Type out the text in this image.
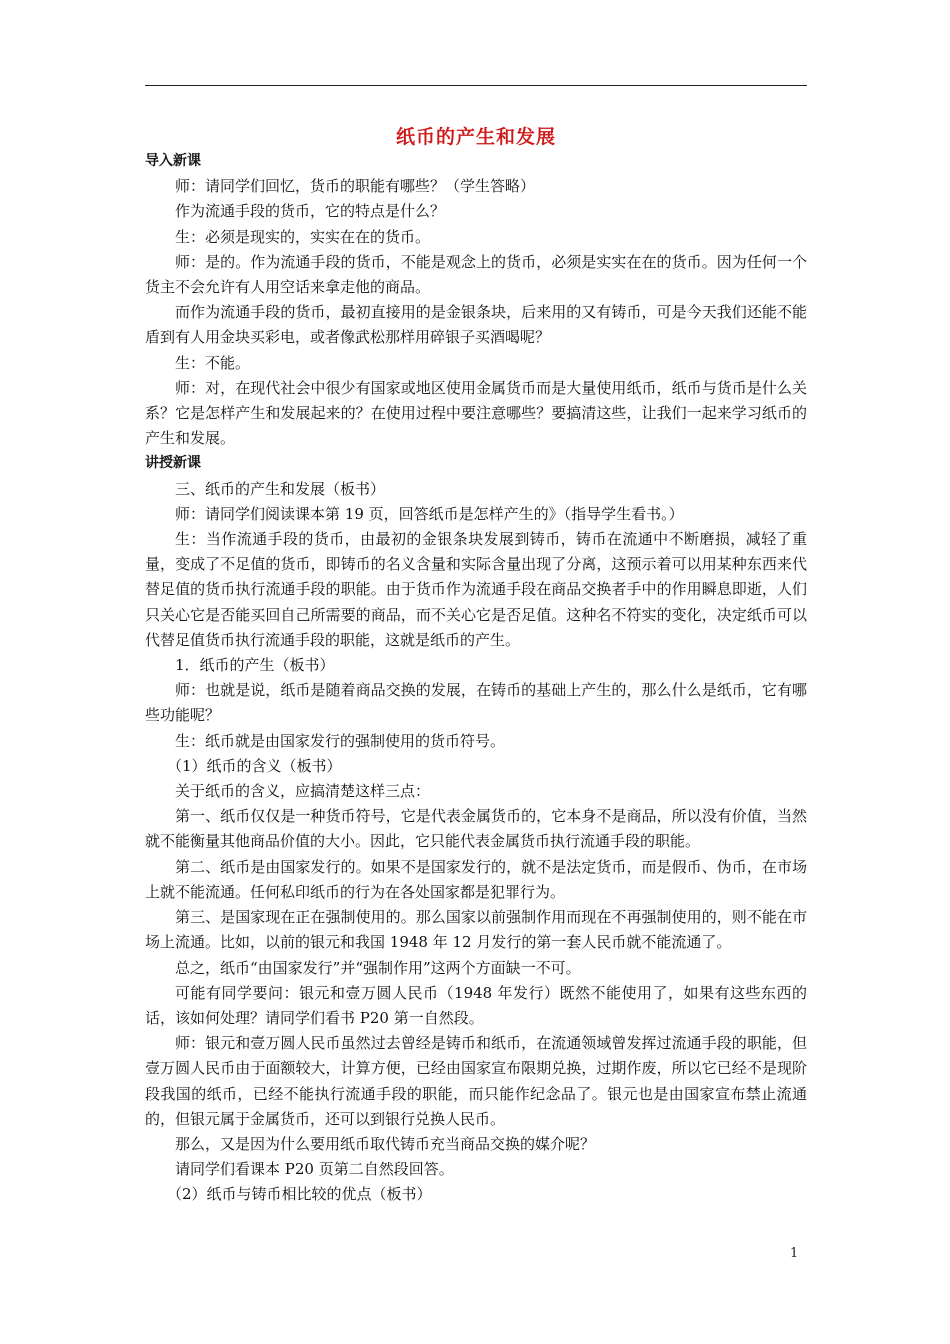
纸币的产生和发展
导入新课

师：请同学们回忆，货币的职能有哪些？（学生答略）

作为流通手段的货币，它的特点是什么？

生：必须是现实的，实实在在的货币。

师：是的。作为流通手段的货币，不能是观念上的货币，必须是实实在在的货币。因为任何一个货主不会允许有人用空话来拿走他的商品。

而作为流通手段的货币，最初直接用的是金银条块，后来用的又有铸币，可是今天我们还能不能盾到有人用金块买彩电，或者像武松那样用碎银子买酒喝呢？

生：不能。

师：对，在现代社会中很少有国家或地区使用金属货币而是大量使用纸币，纸币与货币是什么关系？它是怎样产生和发展起来的？在使用过程中要注意哪些？要搞清这些，让我们一起来学习纸币的产生和发展。

讲授新课

三、纸币的产生和发展（板书）

师：请同学们阅读课本第 19 页，回答纸币是怎样产生的》（指导学生看书。）

生：当作流通手段的货币，由最初的金银条块发展到铸币，铸币在流通中不断磨损，减轻了重量，变成了不足值的货币，即铸币的名义含量和实际含量出现了分离，这预示着可以用某种东西来代替足值的货币执行流通手段的职能。由于货币作为流通手段在商品交换者手中的作用瞬息即逝，人们只关心它是否能买回自己所需要的商品，而不关心它是否足值。这种名不符实的变化，决定纸币可以代替足值货币执行流通手段的职能，这就是纸币的产生。

1．纸币的产生（板书）

师：也就是说，纸币是随着商品交换的发展，在铸币的基础上产生的，那么什么是纸币，它有哪些功能呢？

生：纸币就是由国家发行的强制使用的货币符号。

（1）纸币的含义（板书）

关于纸币的含义，应搞清楚这样三点：

第一、纸币仅仅是一种货币符号，它是代表金属货币的，它本身不是商品，所以没有价值，当然就不能衡量其他商品价值的大小。因此，它只能代表金属货币执行流通手段的职能。

第二、纸币是由国家发行的。如果不是国家发行的，就不是法定货币，而是假币、伪币，在市场上就不能流通。任何私印纸币的行为在各处国家都是犯罪行为。

第三、是国家现在正在强制使用的。那么国家以前强制作用而现在不再强制使用的，则不能在市场上流通。比如，以前的银元和我国 1948 年 12 月发行的第一套人民币就不能流通了。

总之，纸币“由国家发行”并“强制作用”这两个方面缺一不可。

可能有同学要问：银元和壹万圆人民币（1948 年发行）既然不能使用了，如果有这些东西的话，该如何处理？请同学们看书 P20 第一自然段。

师：银元和壹万圆人民币虽然过去曾经是铸币和纸币，在流通领域曾发挥过流通手段的职能，但壹万圆人民币由于面额较大，计算方便，已经由国家宣布限期兑换，过期作废，所以它已经不是现阶段我国的纸币，已经不能执行流通手段的职能，而只能作纪念品了。银元也是由国家宣布禁止流通的，但银元属于金属货币，还可以到银行兑换人民币。

那么，又是因为什么要用纸币取代铸币充当商品交换的媒介呢？

请同学们看课本 P20 页第二自然段回答。

（2）纸币与铸币相比较的优点（板书）

1
